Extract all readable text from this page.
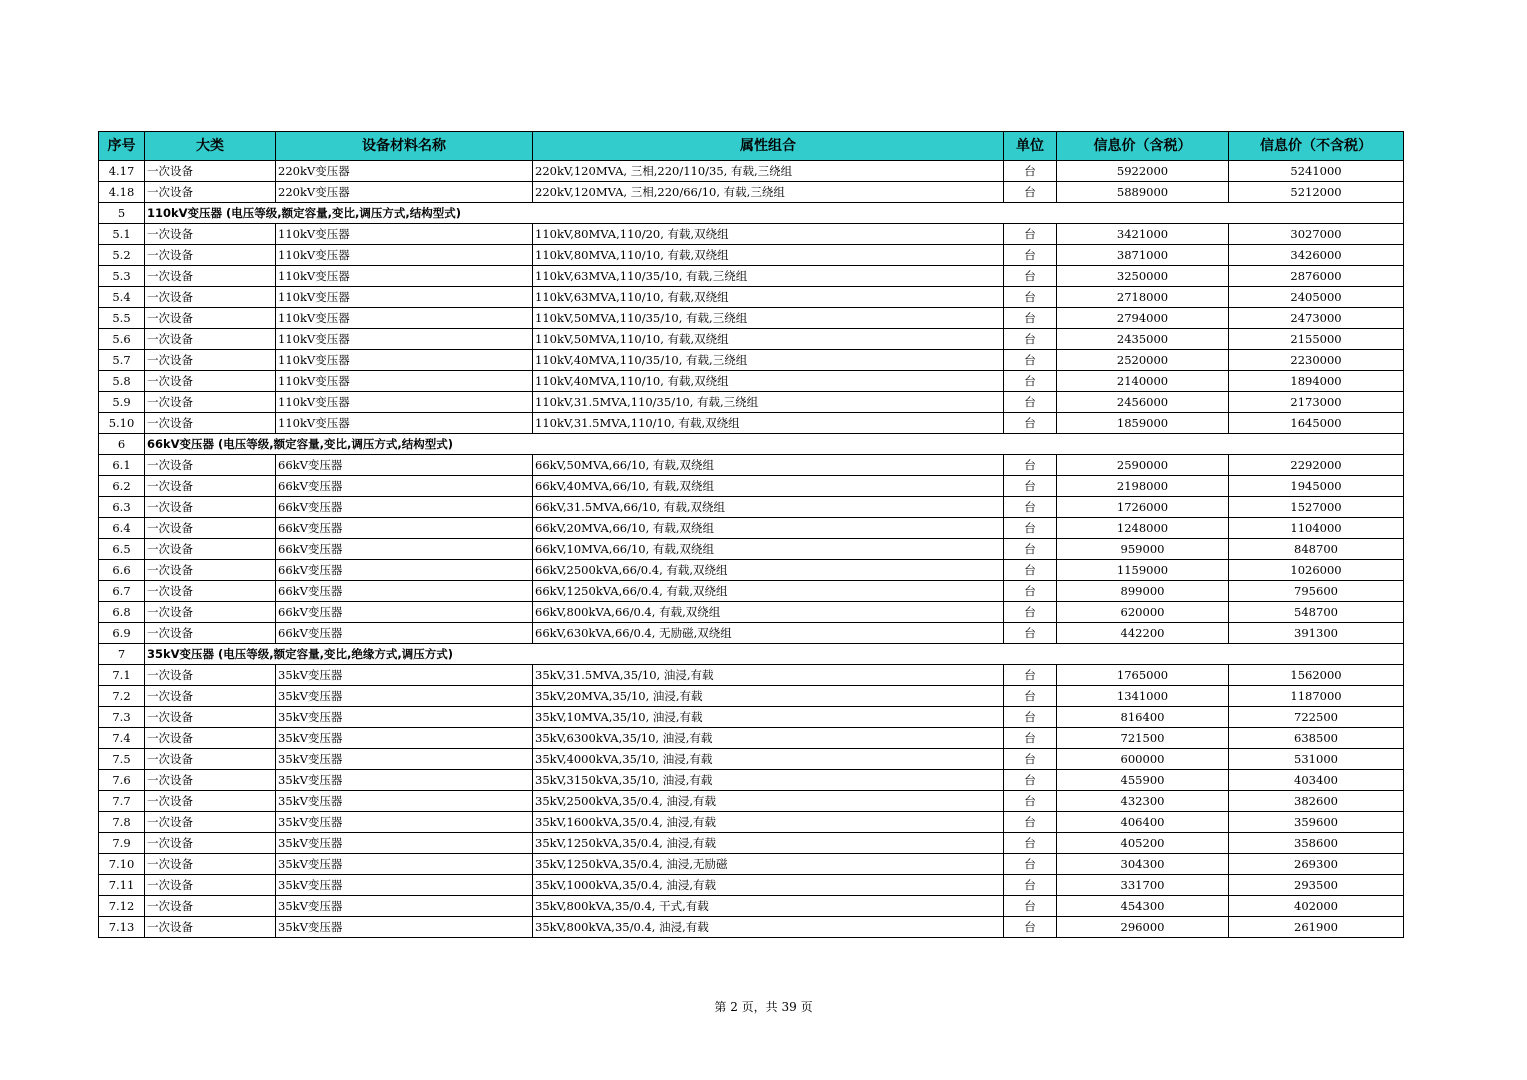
序号	大类	设备材料名称	属性组合	单位	信息价（含税）	信息价（不含税）
4.17	一次设备	220kV变压器	220kV,120MVA, 三相,220/110/35, 有载,三绕组	台	5922000	5241000
4.18	一次设备	220kV变压器	220kV,120MVA, 三相,220/66/10, 有载,三绕组	台	5889000	5212000
5	110kV变压器 (电压等级,额定容量,变比,调压方式,结构型式)					
5.1	一次设备	110kV变压器	110kV,80MVA,110/20, 有载,双绕组	台	3421000	3027000
5.2	一次设备	110kV变压器	110kV,80MVA,110/10, 有载,双绕组	台	3871000	3426000
5.3	一次设备	110kV变压器	110kV,63MVA,110/35/10, 有载,三绕组	台	3250000	2876000
5.4	一次设备	110kV变压器	110kV,63MVA,110/10, 有载,双绕组	台	2718000	2405000
5.5	一次设备	110kV变压器	110kV,50MVA,110/35/10, 有载,三绕组	台	2794000	2473000
5.6	一次设备	110kV变压器	110kV,50MVA,110/10, 有载,双绕组	台	2435000	2155000
5.7	一次设备	110kV变压器	110kV,40MVA,110/35/10, 有载,三绕组	台	2520000	2230000
5.8	一次设备	110kV变压器	110kV,40MVA,110/10, 有载,双绕组	台	2140000	1894000
5.9	一次设备	110kV变压器	110kV,31.5MVA,110/35/10, 有载,三绕组	台	2456000	2173000
5.10	一次设备	110kV变压器	110kV,31.5MVA,110/10, 有载,双绕组	台	1859000	1645000
6	66kV变压器 (电压等级,额定容量,变比,调压方式,结构型式)					
6.1	一次设备	66kV变压器	66kV,50MVA,66/10, 有载,双绕组	台	2590000	2292000
6.2	一次设备	66kV变压器	66kV,40MVA,66/10, 有载,双绕组	台	2198000	1945000
6.3	一次设备	66kV变压器	66kV,31.5MVA,66/10, 有载,双绕组	台	1726000	1527000
6.4	一次设备	66kV变压器	66kV,20MVA,66/10, 有载,双绕组	台	1248000	1104000
6.5	一次设备	66kV变压器	66kV,10MVA,66/10, 有载,双绕组	台	959000	848700
6.6	一次设备	66kV变压器	66kV,2500kVA,66/0.4, 有载,双绕组	台	1159000	1026000
6.7	一次设备	66kV变压器	66kV,1250kVA,66/0.4, 有载,双绕组	台	899000	795600
6.8	一次设备	66kV变压器	66kV,800kVA,66/0.4, 有载,双绕组	台	620000	548700
6.9	一次设备	66kV变压器	66kV,630kVA,66/0.4, 无励磁,双绕组	台	442200	391300
7	35kV变压器 (电压等级,额定容量,变比,绝缘方式,调压方式)					
7.1	一次设备	35kV变压器	35kV,31.5MVA,35/10, 油浸,有载	台	1765000	1562000
7.2	一次设备	35kV变压器	35kV,20MVA,35/10, 油浸,有载	台	1341000	1187000
7.3	一次设备	35kV变压器	35kV,10MVA,35/10, 油浸,有载	台	816400	722500
7.4	一次设备	35kV变压器	35kV,6300kVA,35/10, 油浸,有载	台	721500	638500
7.5	一次设备	35kV变压器	35kV,4000kVA,35/10, 油浸,有载	台	600000	531000
7.6	一次设备	35kV变压器	35kV,3150kVA,35/10, 油浸,有载	台	455900	403400
7.7	一次设备	35kV变压器	35kV,2500kVA,35/0.4, 油浸,有载	台	432300	382600
7.8	一次设备	35kV变压器	35kV,1600kVA,35/0.4, 油浸,有载	台	406400	359600
7.9	一次设备	35kV变压器	35kV,1250kVA,35/0.4, 油浸,有载	台	405200	358600
7.10	一次设备	35kV变压器	35kV,1250kVA,35/0.4, 油浸,无励磁	台	304300	269300
7.11	一次设备	35kV变压器	35kV,1000kVA,35/0.4, 油浸,有载	台	331700	293500
7.12	一次设备	35kV变压器	35kV,800kVA,35/0.4, 干式,有载	台	454300	402000
7.13	一次设备	35kV变压器	35kV,800kVA,35/0.4, 油浸,有载	台	296000	261900
第 2 页，共 39 页
